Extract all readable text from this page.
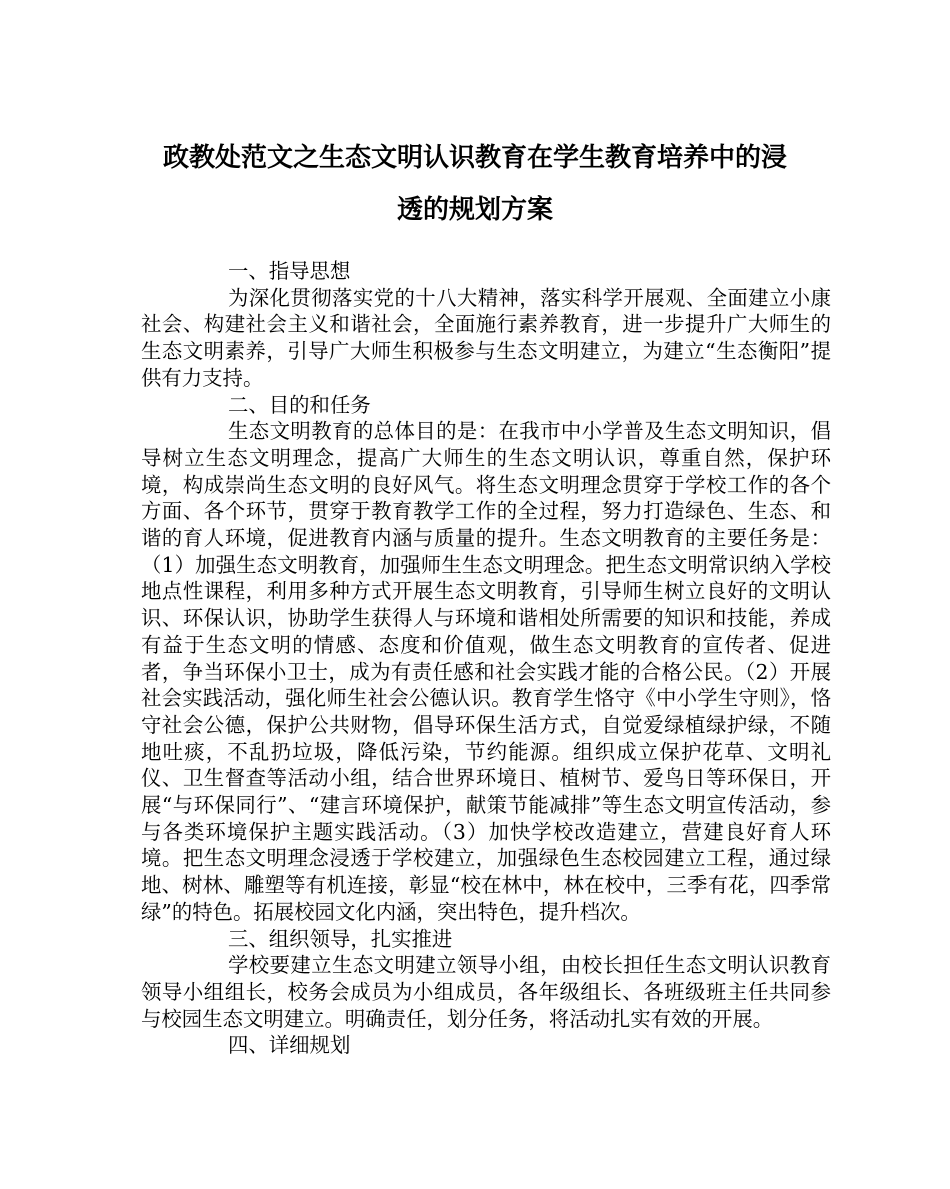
政教处范文之生态文明认识教育在学生教育培养中的浸
透的规划方案

一、指导思想

为深化贯彻落实党的十八大精神，落实科学开展观、全面建立小康社会、构建社会主义和谐社会，全面施行素养教育，进一步提升广大师生的生态文明素养，引导广大师生积极参与生态文明建立，为建立“生态衡阳”提供有力支持。

二、目的和任务

生态文明教育的总体目的是：在我市中小学普及生态文明知识，倡导树立生态文明理念，提高广大师生的生态文明认识，尊重自然，保护环境，构成崇尚生态文明的良好风气。将生态文明理念贯穿于学校工作的各个方面、各个环节，贯穿于教育教学工作的全过程，努力打造绿色、生态、和谐的育人环境，促进教育内涵与质量的提升。生态文明教育的主要任务是：（1）加强生态文明教育，加强师生生态文明理念。把生态文明常识纳入学校地点性课程，利用多种方式开展生态文明教育，引导师生树立良好的文明认识、环保认识，协助学生获得人与环境和谐相处所需要的知识和技能，养成有益于生态文明的情感、态度和价值观，做生态文明教育的宣传者、促进者，争当环保小卫士，成为有责任感和社会实践才能的合格公民。（2）开展社会实践活动，强化师生社会公德认识。教育学生恪守《中小学生守则》，恪守社会公德，保护公共财物，倡导环保生活方式，自觉爱绿植绿护绿，不随地吐痰，不乱扔垃圾，降低污染，节约能源。组织成立保护花草、文明礼仪、卫生督查等活动小组，结合世界环境日、植树节、爱鸟日等环保日，开展“与环保同行”、“建言环境保护，献策节能减排”等生态文明宣传活动，参与各类环境保护主题实践活动。（3）加快学校改造建立，营建良好育人环境。把生态文明理念浸透于学校建立，加强绿色生态校园建立工程，通过绿地、树林、雕塑等有机连接，彰显“校在林中，林在校中，三季有花，四季常绿”的特色。拓展校园文化内涵，突出特色，提升档次。

三、组织领导，扎实推进

学校要建立生态文明建立领导小组，由校长担任生态文明认识教育领导小组组长，校务会成员为小组成员，各年级组长、各班级班主任共同参与校园生态文明建立。明确责任，划分任务，将活动扎实有效的开展。

四、详细规划
